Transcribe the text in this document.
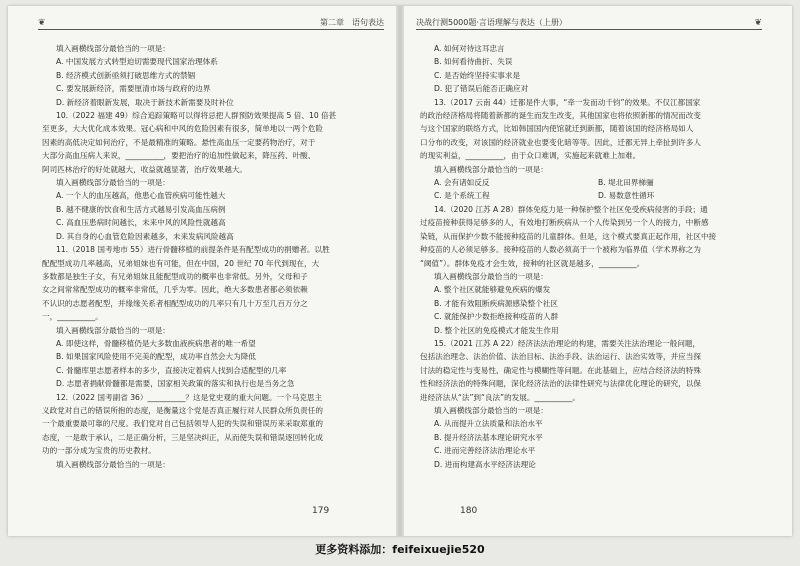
❦	第二章　语句表达

填入画横线部分最恰当的一项是：

A. 中国发展方式转型迫切需要现代国家治理体系

B. 经济模式创新亟须打破思维方式的禁锢

C. 要发展新经济，需要厘清市场与政府的边界

D. 新经济着眼新发展，取决于新技术新需要及时补位

10.（2022 福建 49）综合追踪策略可以得将忌把人群预防效果提高 5 倍、10 倍甚

至更多，大大优化成本效果。冠心病和中风的危险因素有很多，简单地以一两个危险

因素的高低决定如何治疗，不是最精准的策略。悬性高血压一定要药物治疗，对于

大部分高血压病人来说，__________，要把治疗的追加性做起来，降压药、叶酸、

阿司匹林治疗的好处就越大，收益就越显著，治疗效果越大。

填入画横线部分最恰当的一项是：

A. 一个人的血压越高，他患心血管疾病可能性越大

B. 越不健康的饮食和生活方式越易引发高血压病例

C. 高血压患病时间越长，未来中风的风险性就越高

D. 其自身的心血管危险因素越多，未来发病风险越高

11.（2018 国考地市 55）进行骨髓移植的前提条件是有配型成功的捐赠者。以胜

配配型成功几率越高，兄弟姐妹也有可能，但在中国，20 世纪 70 年代到现在，大

多数都是独生子女，有兄弟姐妹且能配型成功的概率也非常低。另外，父母和子

女之间常常配型成功的概率非常低，几乎为零。因此，绝大多数患者都必须依赖

不认识的志愿者配型，并缘缘关系者相配型成功的几率只有几十万至几百万分之

一，__________。

填入画横线部分最恰当的一项是：

A. 即使这样，骨髓移植仍是大多数血液疾病患者的唯一希望

B. 如果国家风险使用不完美的配型，成功率自然会大为降低

C. 骨髓库里志愿者样本的多少，直接决定着病人找到合适配型的几率

D. 志愿者捐献骨髓都是需要，国家相关政策的落实和执行也是当务之急

12.（2022 国考副省 36）__________？这是党史观的重大问题。一个马克思主

义政党对自己的错误所抱的态度，是衡量这个党是否真正履行对人民群众所负责任的

一个最重要最可靠的尺度。我们党对自己包括领导人犯的失误和错误历来采取郑重的

态度，一是敢于承认，二是正确分析，三是坚决纠正，从而使失误和错误逐回转化成

功的一部分成为宝贵的历史教材。

填入画横线部分最恰当的一项是：

179
决战行测5000题·言语理解与表达（上册）	❦

A. 如何对待这耳忠言

B. 如何看待曲折、失误

C. 是否始终坚持实事求是

D. 犯了错误后能否正确应对

13.（2017 云南 44）迁都是件大事，“牵一发而动千钧”的效果。不仅江都国家

的政治经济格局将随着新都的诞生而发生改变，其他国家也将依照新都的情况而改变

与这个国家的联络方式，比如韩国国内使馆就迁到新都，随着该国的经济格局如人

口分布的改变，对该国的经济就业也要变化暗等等。因此，迁都无异上牵扯到许多人

的现实利益，__________，由于众口难调，实施起来就难上加难。

填入画横线部分最恰当的一项是：

A. 会有诸如反反	B. 堤北田界梯骊
C. 是个系统工程	D. 易数意性循环

14.（2020 江苏 A 28）群体免疫力是一种保护整个社区免受疾病侵害的手段；通

过疫苗接种获得足够多的人，有效地打断疾病从一个人传染到另一个人的接力，中断感

染链，从而保护少数不能接种疫苗的儿童群体。但是，这个模式要真正起作用，社区中接

种疫苗的人必须足够多。接种疫苗的人数必须高于一个被称为临界值（学术界称之为

“阈值”）。群体免疫才会生效，接种的社区就是越多，__________。

填入画横线部分最恰当的一项是：

A. 整个社区就能够避免疾病的爆发

B. 才能有效阻断疾病源感染整个社区

C. 就能保护少数拒绝接种疫苗的人群

D. 整个社区的免疫模式才能发生作用

15.（2021 江苏 A 22）经济法法治理论的构建，需要关注法治理论一般问题，

包括法治理念、法治价值、法治目标、法治手段、法治运行、法治实效等，并应当探

讨法的稳定性与变易性、确定性与模糊性等问题。在此基础上，应结合经济法的特殊

性和经济法治的特殊问题，深化经济法治的法律性研究与法律优化理论的研究，以保

进经济法从“法”到“良法”的发展。__________。

填入画横线部分最恰当的一项是：

A. 从而提升立法质量和法治水平

B. 提升经济法基本理论研究水平

C. 进而完善经济法治理论水平

D. 进而构建高水平经济法理论

180
更多资料添加：feifeixuejie520
